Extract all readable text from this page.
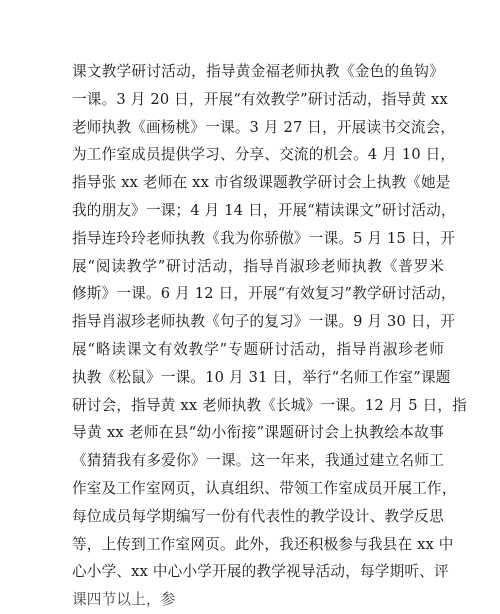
课文教学研讨活动，指导黄金福老师执教《金色的鱼钩》
一课。3 月 20 日，开展“有效教学”研讨活动，指导黄 xx
老师执教《画杨桃》一课。3 月 27 日，开展读书交流会，
为工作室成员提供学习、分享、交流的机会。4 月 10 日，
指导张 xx 老师在 xx 市省级课题教学研讨会上执教《她是
我的朋友》一课；4 月 14 日，开展“精读课文”研讨活动，
指导连玲玲老师执教《我为你骄傲》一课。5 月 15 日，开
展“阅读教学”研讨活动，指导肖淑珍老师执教《普罗米
修斯》一课。6 月 12 日，开展“有效复习”教学研讨活动，
指导肖淑珍老师执教《句子的复习》一课。9 月 30 日，开
展“略读课文有效教学”专题研讨活动，指导肖淑珍老师
执教《松鼠》一课。10 月 31 日，举行“名师工作室”课题
研讨会，指导黄 xx 老师执教《长城》一课。12 月 5 日，指
导黄 xx 老师在县“幼小衔接”课题研讨会上执教绘本故事
《猜猜我有多爱你》一课。这一年来，我通过建立名师工
作室及工作室网页，认真组织、带领工作室成员开展工作，
每位成员每学期编写一份有代表性的教学设计、教学反思
等，上传到工作室网页。此外，我还积极参与我县在 xx 中
心小学、xx 中心小学开展的教学视导活动，每学期听、评
课四节以上，参
